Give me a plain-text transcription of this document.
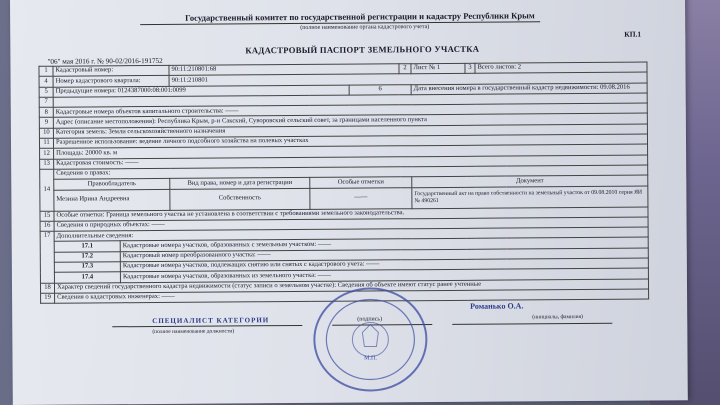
Государственный комитет по государственной регистрации и кадастру Республики Крым
(полное наименование органа кадастрового учета)
КП.1
КАДАСТРОВЫЙ ПАСПОРТ ЗЕМЕЛЬНОГО УЧАСТКА
"06" мая 2016 г. № 90-02/2016-191752
1	Кадастровый номер:		90:11:210801:68			2	Лист № 1	3	Всего листов: 2
4	Номер кадастрового квартала:		90:11:210801						
5	Предыдущие номера: 0124387000:08:001:0099				6		Дата внесения номера в государственный кадастр недвижимости: 09.08.2016		
7									
8	Кадастровые номера объектов капитального строительства: ——								
9	Адрес (описание местоположения): Республика Крым, р-н Сакский, Суворовский сельский совет, за границами населенного пункта								
10	Категория земель: Земли сельскохозяйственного назначения								
11	Разрешенное использование: ведение личного подсобного хозяйства на полевых участках								
12	Площадь: 20000 кв. м								
13	Кадастровая стоимость: ——								
14	Сведения о правах:								
	Правообладатель		Вид права, номер и дата регистрации	Особые отметки			Документ		
	Мезина Ирина Андреевна		Собственность	——			Государственный акт на право собственности на земельный участок от 09.08.2010 серия ЯИ № 490261		
15	Особые отметки: Граница земельного участка не установлена в соответствии с требованиями земельного законодательства.								
16	Сведения о природных объектах: ——								
17	Дополнительные сведения:								
	17.1	Кадастровые номера участков, образованных с земельным участком: ——							
	17.2	Кадастровый номер преобразованного участка: ——							
	17.3	Кадастровые номера участков, подлежащих снятию или снятых с кадастрового учета: ——							
	17.4	Кадастровые номера участков, образованных из земельного участка: ——							
18	Характер сведений государственного кадастра недвижимости (статус записи о земельном участке): Сведения об объекте имеют статус ранее учтенные								
19	Сведения о кадастровых инженерах: ——								
СПЕЦИАЛИСТ КАТЕГОРИИ
(полное наименование должности)
(подпись)
Романько О.А.
(инициалы, фамилия)
М.П.
